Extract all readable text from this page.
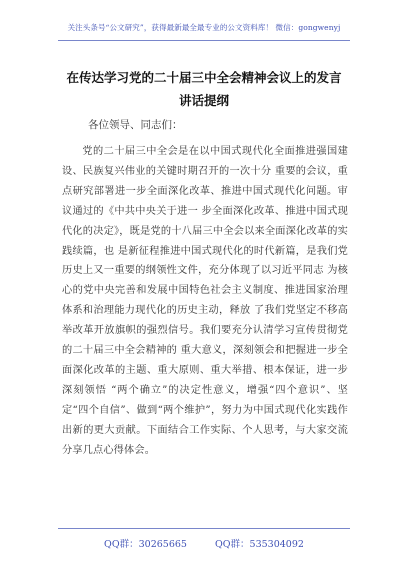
关注头条号“公文研究”，获得最新最全最专业的公文资料库！ 微信：gongwenyj
在传达学习党的二十届三中全会精神会议上的发言讲话提纲
各位领导、同志们：
党的二十届三中全会是在以中国式现代化全面推进强国建设、民族复兴伟业的关键时期召开的一次十分 重要的会议，重点研究部署进一步全面深化改革、推进中国式现代化问题。审议通过的《中共中央关于进一 步全面深化改革、推进中国式现代化的决定》，既是党的十八届三中全会以来全面深化改革的实践续篇，也 是新征程推进中国式现代化的时代新篇，是我们党历史上又一重要的纲领性文件，充分体现了以习近平同志 为核心的党中央完善和发展中国特色社会主义制度、推进国家治理体系和治理能力现代化的历史主动，释放 了我们党坚定不移高举改革开放旗帜的强烈信号。我们要充分认清学习宣传贯彻党的二十届三中全会精神的 重大意义，深刻领会和把握进一步全面深化改革的主题、重大原则、重大举措、根本保证，进一步深刻领悟 “两个确立”的决定性意义，增强“四个意识”、坚定“四个自信”、做到“两个维护”，努力为中国式现代化实践作出新的更大贡献。下面结合工作实际、个人思考，与大家交流分享几点心得体会。
QQ群：30265665	QQ群：535304092
